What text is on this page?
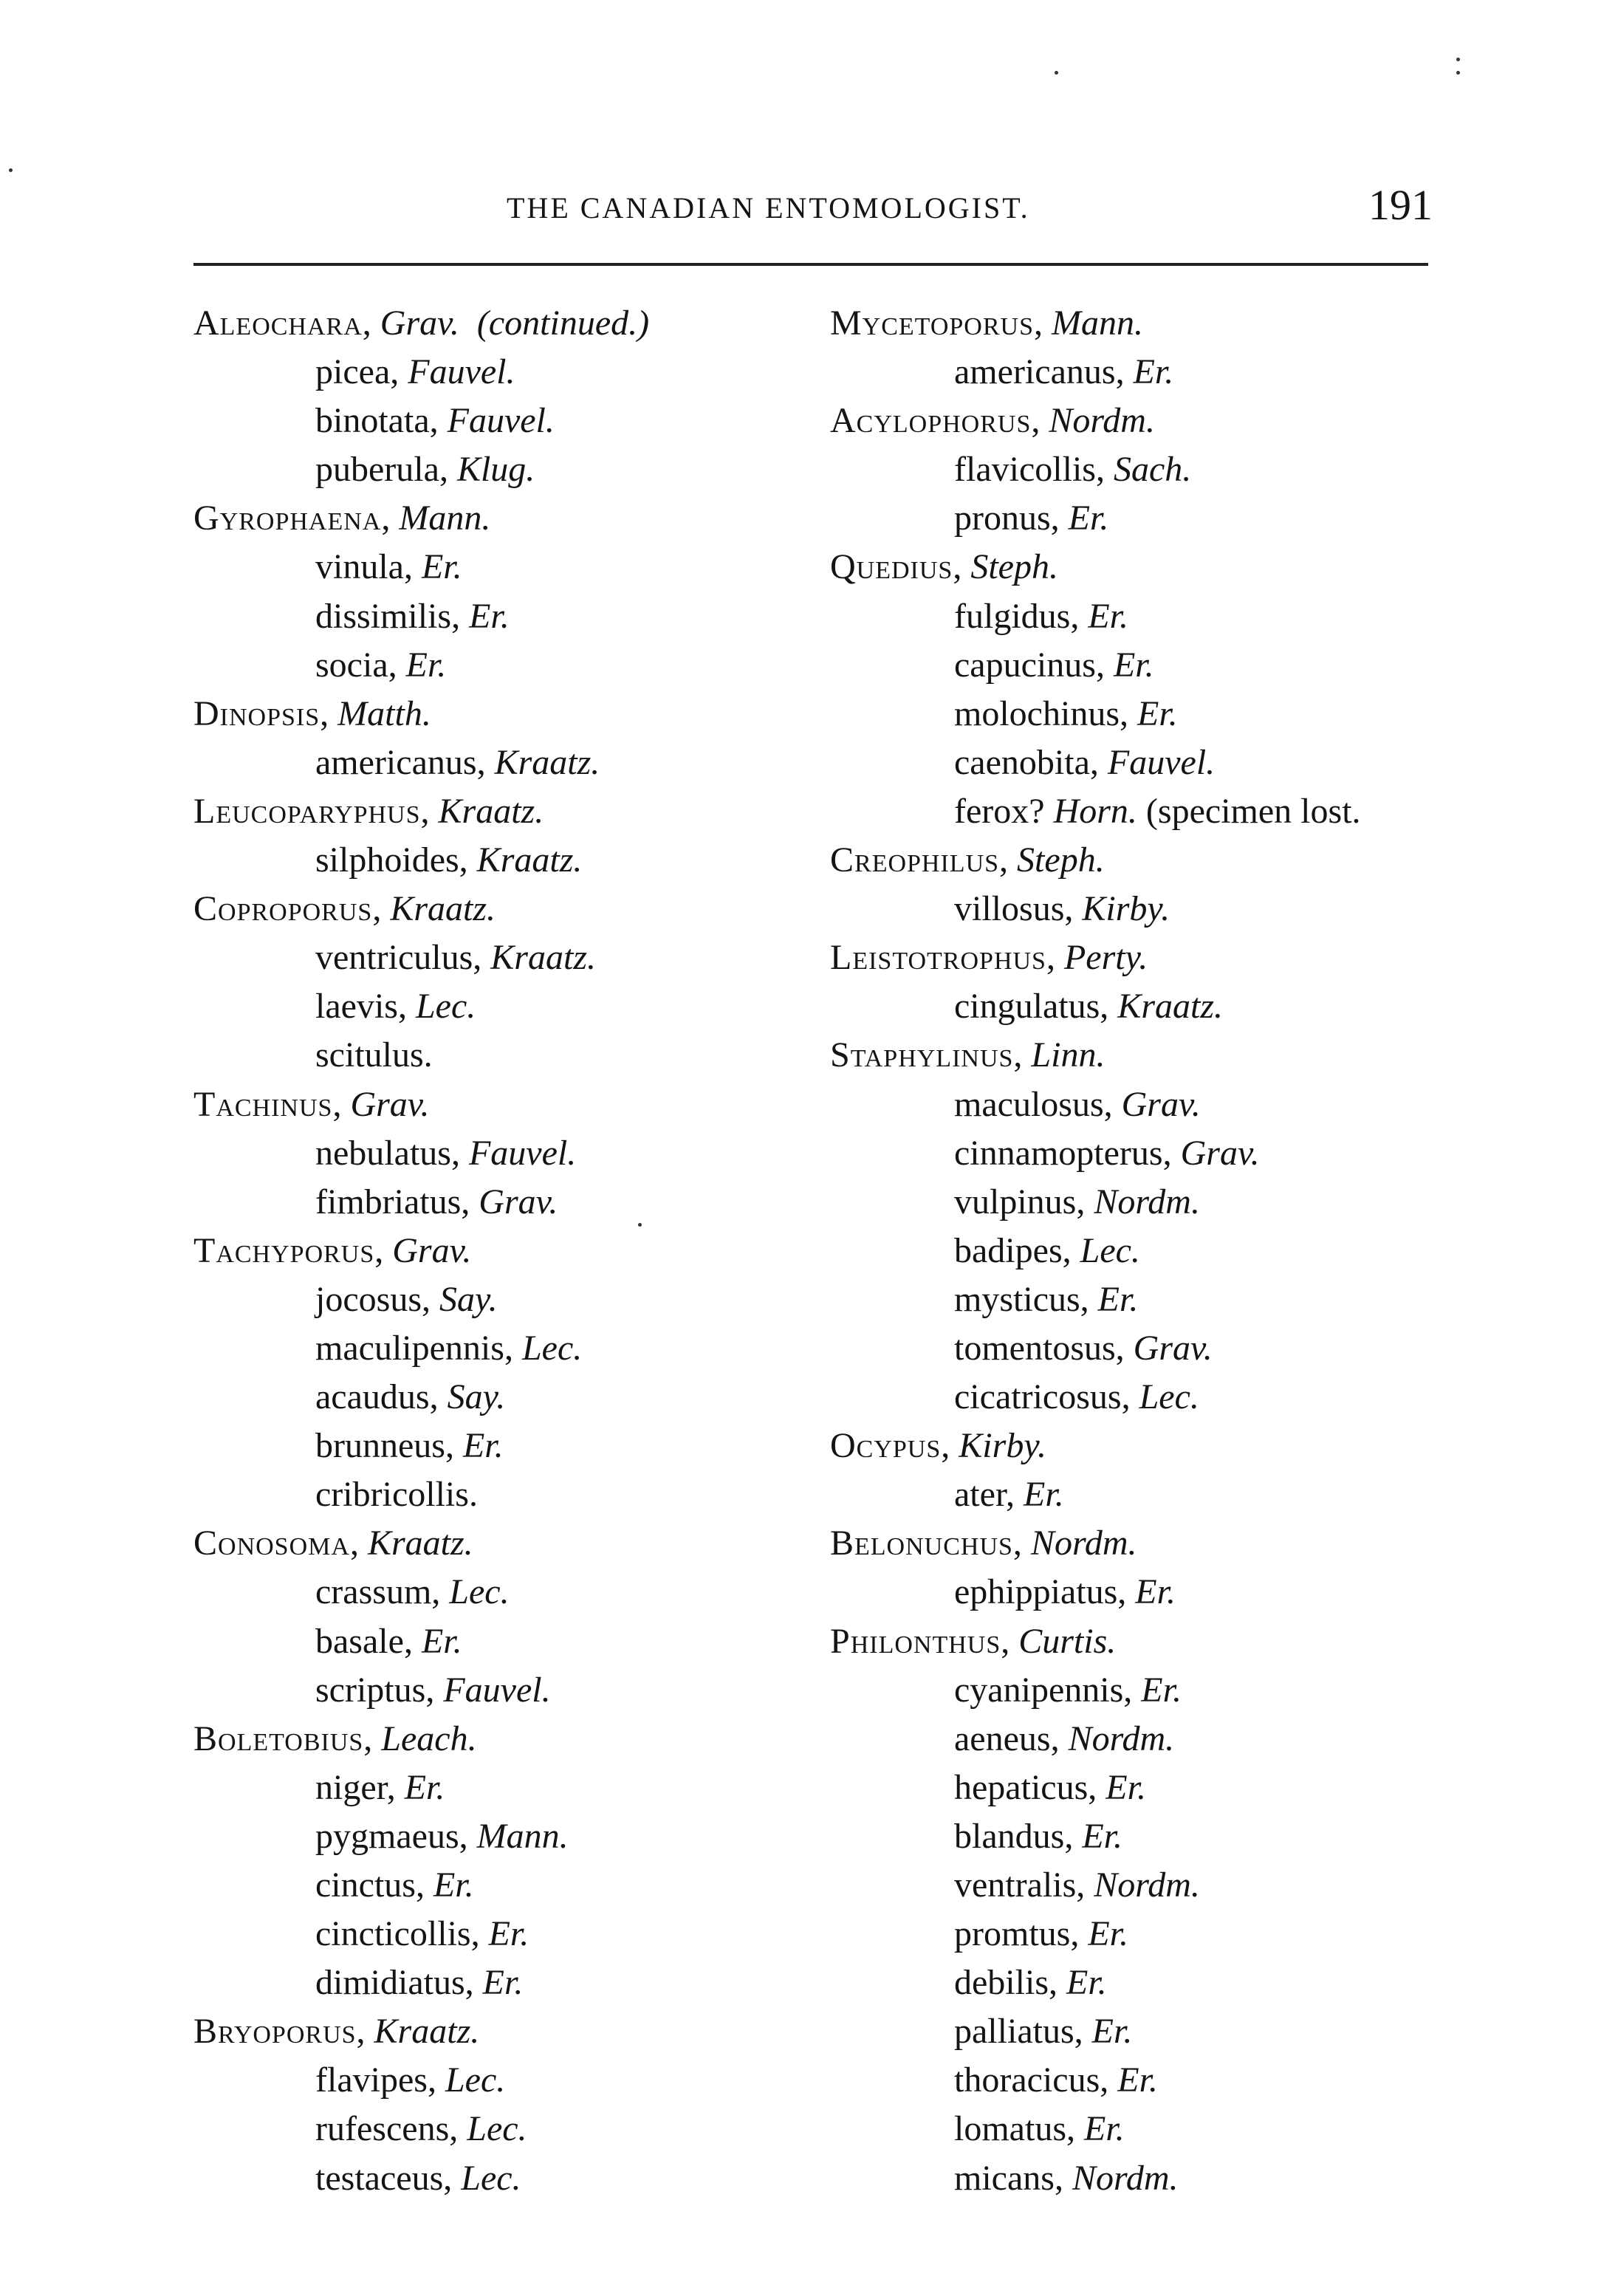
THE CANADIAN ENTOMOLOGIST.	191
Aleochara, Grav. (continued.)
picea, Fauvel.
binotata, Fauvel.
puberula, Klug.
Gyrophaena, Mann.
vinula, Er.
dissimilis, Er.
socia, Er.
Dinopsis, Matth.
americanus, Kraatz.
Leucoparyphus, Kraatz.
silphoides, Kraatz.
Coproporus, Kraatz.
ventriculus, Kraatz.
laevis, Lec.
scitulus.
Tachinus, Grav.
nebulatus, Fauvel.
fimbriatus, Grav.
Tachyporus, Grav.
jocosus, Say.
maculipennis, Lec.
acaudus, Say.
brunneus, Er.
cribricollis.
Conosoma, Kraatz.
crassum, Lec.
basale, Er.
scriptus, Fauvel.
Boletobius, Leach.
niger, Er.
pygmaeus, Mann.
cinctus, Er.
cincticollis, Er.
dimidiatus, Er.
Bryoporus, Kraatz.
flavipes, Lec.
rufescens, Lec.
testaceus, Lec.
Mycetoporus, Mann.
americanus, Er.
Acylophorus, Nordm.
flavicollis, Sach.
pronus, Er.
Quedius, Steph.
fulgidus, Er.
capucinus, Er.
molochinus, Er.
caenobita, Fauvel.
ferox? Horn. (specimen lost.
Creophilus, Steph.
villosus, Kirby.
Leistotrophus, Perty.
cingulatus, Kraatz.
Staphylinus, Linn.
maculosus, Grav.
cinnamopterus, Grav.
vulpinus, Nordm.
badipes, Lec.
mysticus, Er.
tomentosus, Grav.
cicatricosus, Lec.
Ocypus, Kirby.
ater, Er.
Belonuchus, Nordm.
ephippiatus, Er.
Philonthus, Curtis.
cyanipennis, Er.
aeneus, Nordm.
hepaticus, Er.
blandus, Er.
ventralis, Nordm.
promtus, Er.
debilis, Er.
palliatus, Er.
thoracicus, Er.
lomatus, Er.
micans, Nordm.
